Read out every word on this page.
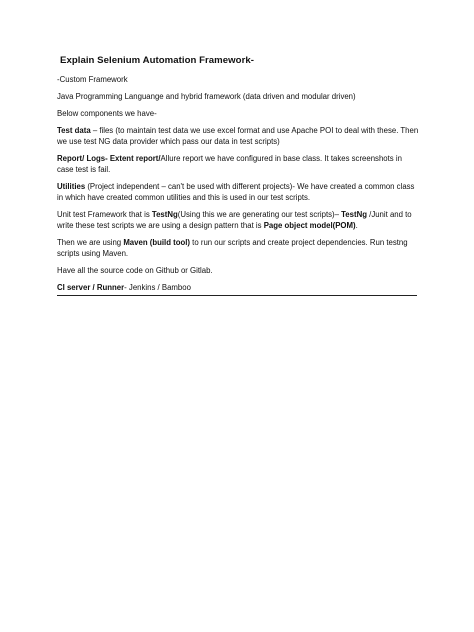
Explain Selenium Automation Framework-

-Custom Framework

Java Programming Languange and hybrid framework (data driven and modular driven)

Below components we have-

Test data – files (to maintain test data we use excel format and use Apache POI to deal with these. Then we use test NG data provider which pass our data in test scripts)

Report/ Logs- Extent report/Allure report we have configured in base class. It takes screenshots in case test is fail.

Utilities (Project independent – can't be used with different projects)- We have created a common class in which have created common utilities and this is used in our test scripts.

Unit test Framework that is TestNg(Using this we are generating our test scripts)– TestNg /Junit and to write these test scripts we are using a design pattern that is Page object model(POM).

Then we are using Maven (build tool) to run our scripts and create project dependencies. Run testng scripts using Maven.

Have all the source code on Github or Gitlab.

CI server / Runner- Jenkins / Bamboo
